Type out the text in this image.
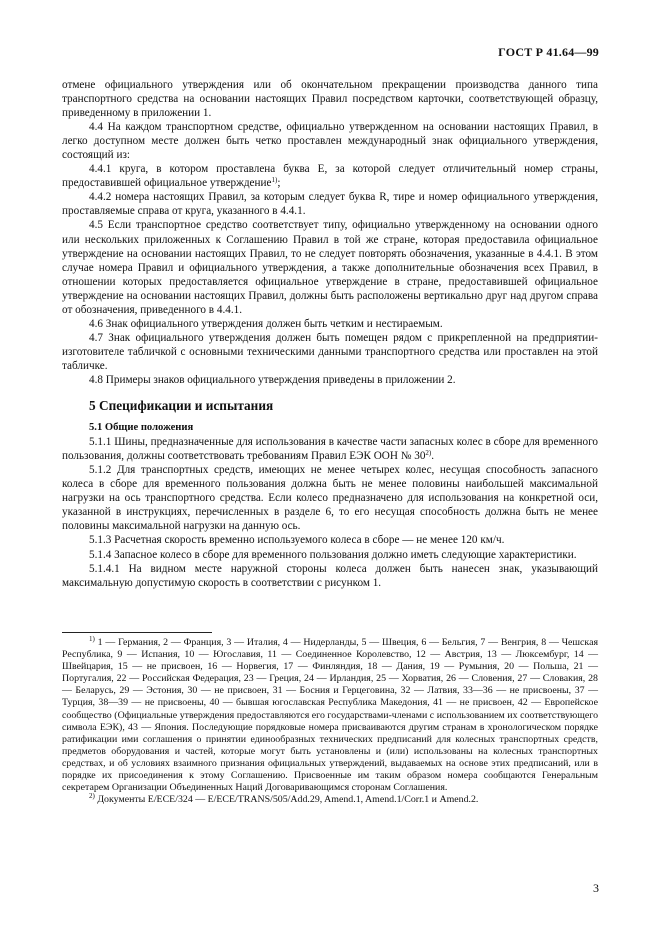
ГОСТ Р 41.64—99

отмене официального утверждения или об окончательном прекращении производства данного типа транспортного средства на основании настоящих Правил посредством карточки, соответствующей образцу, приведенному в приложении 1.

4.4 На каждом транспортном средстве, официально утвержденном на основании настоящих Правил, в легко доступном месте должен быть четко проставлен международный знак официального утверждения, состоящий из:

4.4.1 круга, в котором проставлена буква E, за которой следует отличительный номер страны, предоставившей официальное утверждение$^{1)}$;

4.4.2 номера настоящих Правил, за которым следует буква R, тире и номер официального утверждения, проставляемые справа от круга, указанного в 4.4.1.

4.5 Если транспортное средство соответствует типу, официально утвержденному на основании одного или нескольких приложенных к Соглашению Правил в той же стране, которая предоставила официальное утверждение на основании настоящих Правил, то не следует повторять обозначения, указанные в 4.4.1. В этом случае номера Правил и официального утверждения, а также дополнительные обозначения всех Правил, в отношении которых предоставляется официальное утверждение в стране, предоставившей официальное утверждение на основании настоящих Правил, должны быть расположены вертикально друг над другом справа от обозначения, приведенного в 4.4.1.

4.6 Знак официального утверждения должен быть четким и нестираемым.

4.7 Знак официального утверждения должен быть помещен рядом с прикрепленной на предприятии-изготовителе табличкой с основными техническими данными транспортного средства или проставлен на этой табличке.

4.8 Примеры знаков официального утверждения приведены в приложении 2.

5 Спецификации и испытания

5.1 Общие положения

5.1.1 Шины, предназначенные для использования в качестве части запасных колес в сборе для временного пользования, должны соответствовать требованиям Правил ЕЭК ООН № 30$^{2)}$.

5.1.2 Для транспортных средств, имеющих не менее четырех колес, несущая способность запасного колеса в сборе для временного пользования должна быть не менее половины наибольшей максимальной нагрузки на ось транспортного средства. Если колесо предназначено для использования на конкретной оси, указанной в инструкциях, перечисленных в разделе 6, то его несущая способность должна быть не менее половины максимальной нагрузки на данную ось.

5.1.3 Расчетная скорость временно используемого колеса в сборе — не менее 120 км/ч.

5.1.4 Запасное колесо в сборе для временного пользования должно иметь следующие характеристики.

5.1.4.1 На видном месте наружной стороны колеса должен быть нанесен знак, указывающий максимальную допустимую скорость в соответствии с рисунком 1.

$^{1)}$ 1 — Германия, 2 — Франция, 3 — Италия, 4 — Нидерланды, 5 — Швеция, 6 — Бельгия, 7 — Венгрия, 8 — Чешская Республика, 9 — Испания, 10 — Югославия, 11 — Соединенное Королевство, 12 — Австрия, 13 — Люксембург, 14 — Швейцария, 15 — не присвоен, 16 — Норвегия, 17 — Финляндия, 18 — Дания, 19 — Румыния, 20 — Польша, 21 — Португалия, 22 — Российская Федерация, 23 — Греция, 24 — Ирландия, 25 — Хорватия, 26 — Словения, 27 — Словакия, 28 — Беларусь, 29 — Эстония, 30 — не присвоен, 31 — Босния и Герцеговина, 32 — Латвия, 33—36 — не присвоены, 37 — Турция, 38—39 — не присвоены, 40 — бывшая югославская Республика Македония, 41 — не присвоен, 42 — Европейское сообщество (Официальные утверждения предоставляются его государствами-членами с использованием их соответствующего символа ЕЭК), 43 — Япония. Последующие порядковые номера присваиваются другим странам в хронологическом порядке ратификации ими соглашения о принятии единообразных технических предписаний для колесных транспортных средств, предметов оборудования и частей, которые могут быть установлены и (или) использованы на колесных транспортных средствах, и об условиях взаимного признания официальных утверждений, выдаваемых на основе этих предписаний, или в порядке их присоединения к этому Соглашению. Присвоенные им таким образом номера сообщаются Генеральным секретарем Организации Объединенных Наций Договаривающимся сторонам Соглашения.

$^{2)}$ Документы E/ECE/324 — E/ECE/TRANS/505/Add.29, Amend.1, Amend.1/Corr.1 и Amend.2.

3
